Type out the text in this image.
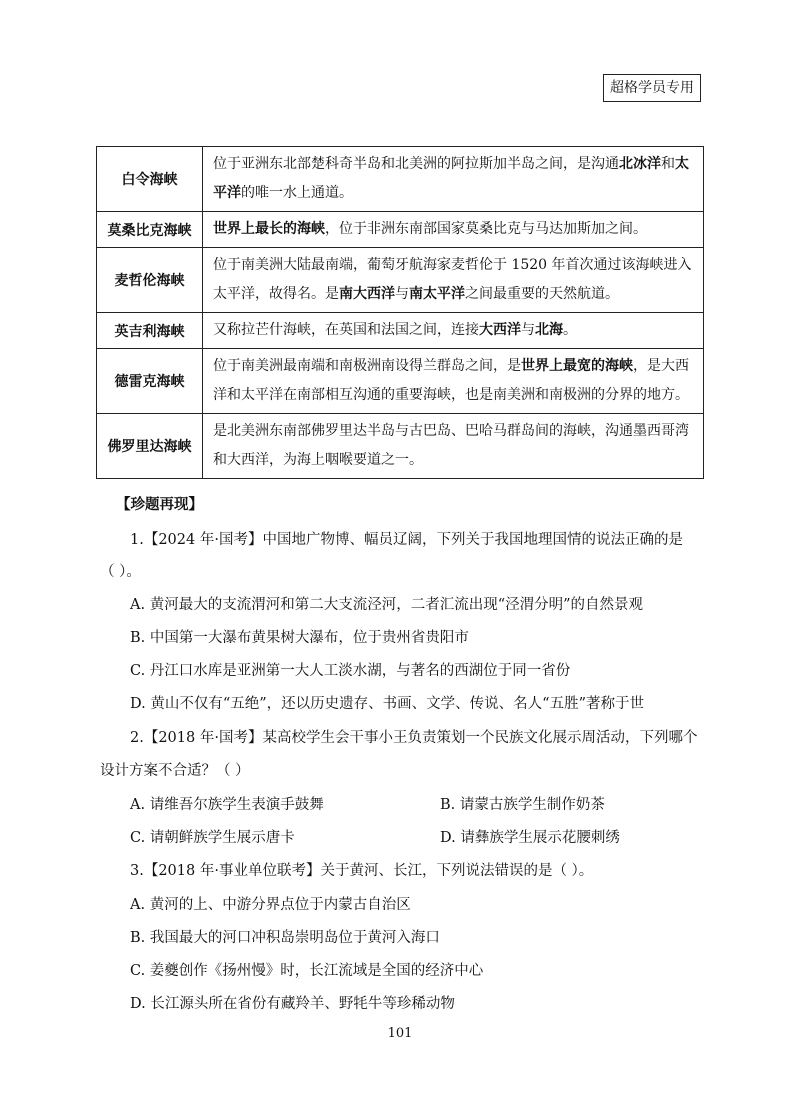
超格学员专用
白令海峡	位于亚洲东北部楚科奇半岛和北美洲的阿拉斯加半岛之间，是沟通北冰洋和太平洋的唯一水上通道。
莫桑比克海峡	世界上最长的海峡，位于非洲东南部国家莫桑比克与马达加斯加之间。
麦哲伦海峡	位于南美洲大陆最南端，葡萄牙航海家麦哲伦于 1520 年首次通过该海峡进入太平洋，故得名。是南大西洋与南太平洋之间最重要的天然航道。
英吉利海峡	又称拉芒什海峡，在英国和法国之间，连接大西洋与北海。
德雷克海峡	位于南美洲最南端和南极洲南设得兰群岛之间，是世界上最宽的海峡，是大西洋和太平洋在南部相互沟通的重要海峡，也是南美洲和南极洲的分界的地方。
佛罗里达海峡	是北美洲东南部佛罗里达半岛与古巴岛、巴哈马群岛间的海峡，沟通墨西哥湾和大西洋，为海上咽喉要道之一。
【珍题再现】
1.【2024 年·国考】中国地广物博、幅员辽阔，下列关于我国地理国情的说法正确的是
（ ）。
A. 黄河最大的支流渭河和第二大支流泾河，二者汇流出现“泾渭分明”的自然景观
B. 中国第一大瀑布黄果树大瀑布，位于贵州省贵阳市
C. 丹江口水库是亚洲第一大人工淡水湖，与著名的西湖位于同一省份
D. 黄山不仅有“五绝”，还以历史遗存、书画、文学、传说、名人“五胜”著称于世
2.【2018 年·国考】某高校学生会干事小王负责策划一个民族文化展示周活动，下列哪个
设计方案不合适？（ ）
A. 请维吾尔族学生表演手鼓舞	B. 请蒙古族学生制作奶茶
C. 请朝鲜族学生展示唐卡	D. 请彝族学生展示花腰刺绣
3.【2018 年·事业单位联考】关于黄河、长江，下列说法错误的是（ ）。
A. 黄河的上、中游分界点位于内蒙古自治区
B. 我国最大的河口冲积岛崇明岛位于黄河入海口
C. 姜夔创作《扬州慢》时，长江流域是全国的经济中心
D. 长江源头所在省份有藏羚羊、野牦牛等珍稀动物
101
